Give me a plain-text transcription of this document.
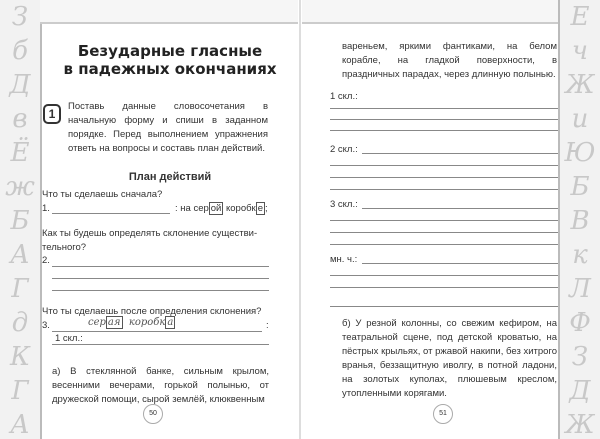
З
б
Д
в
Ё
ж
Б
А
Г
д
К
Г
А
Е
ч
Ж
и
Ю
Б
В
к
Л
Ф
З
Д
Ж
Безударные гласные
в падежных окончаниях
1
Поставь данные словосочетания в начальную форму и спиши в заданном порядке. Перед выполнением упражнения ответь на вопросы и составь план действий.
План действий
Что ты сделаешь сначала?
1.	: на сер ой коробк е ;
Как ты будешь определять склонение существи-
тельного?
2.
Что ты сделаешь после определения склонения?
3.	сер ая коробк а	:
1 скл.:
а) В стеклянной банке, сильным крылом, весенними вечерами, горькой полынью, от дружеской помощи, сырой землёй, клюквенным
50
вареньем, яркими фантиками, на белом корабле, на гладкой поверхности, в праздничных парадах, через длинную полынью.
1 скл.:
2 скл.:
3 скл.:
мн. ч.:
б) У резной колонны, со свежим кефиром, на театральной сцене, под детской кроватью, на пёстрых крыльях, от ржавой накипи, без хитрого вранья, беззащитную иволгу, в потной ладони, на золотых куполах, плюшевым креслом, утопленными корягами.
51
